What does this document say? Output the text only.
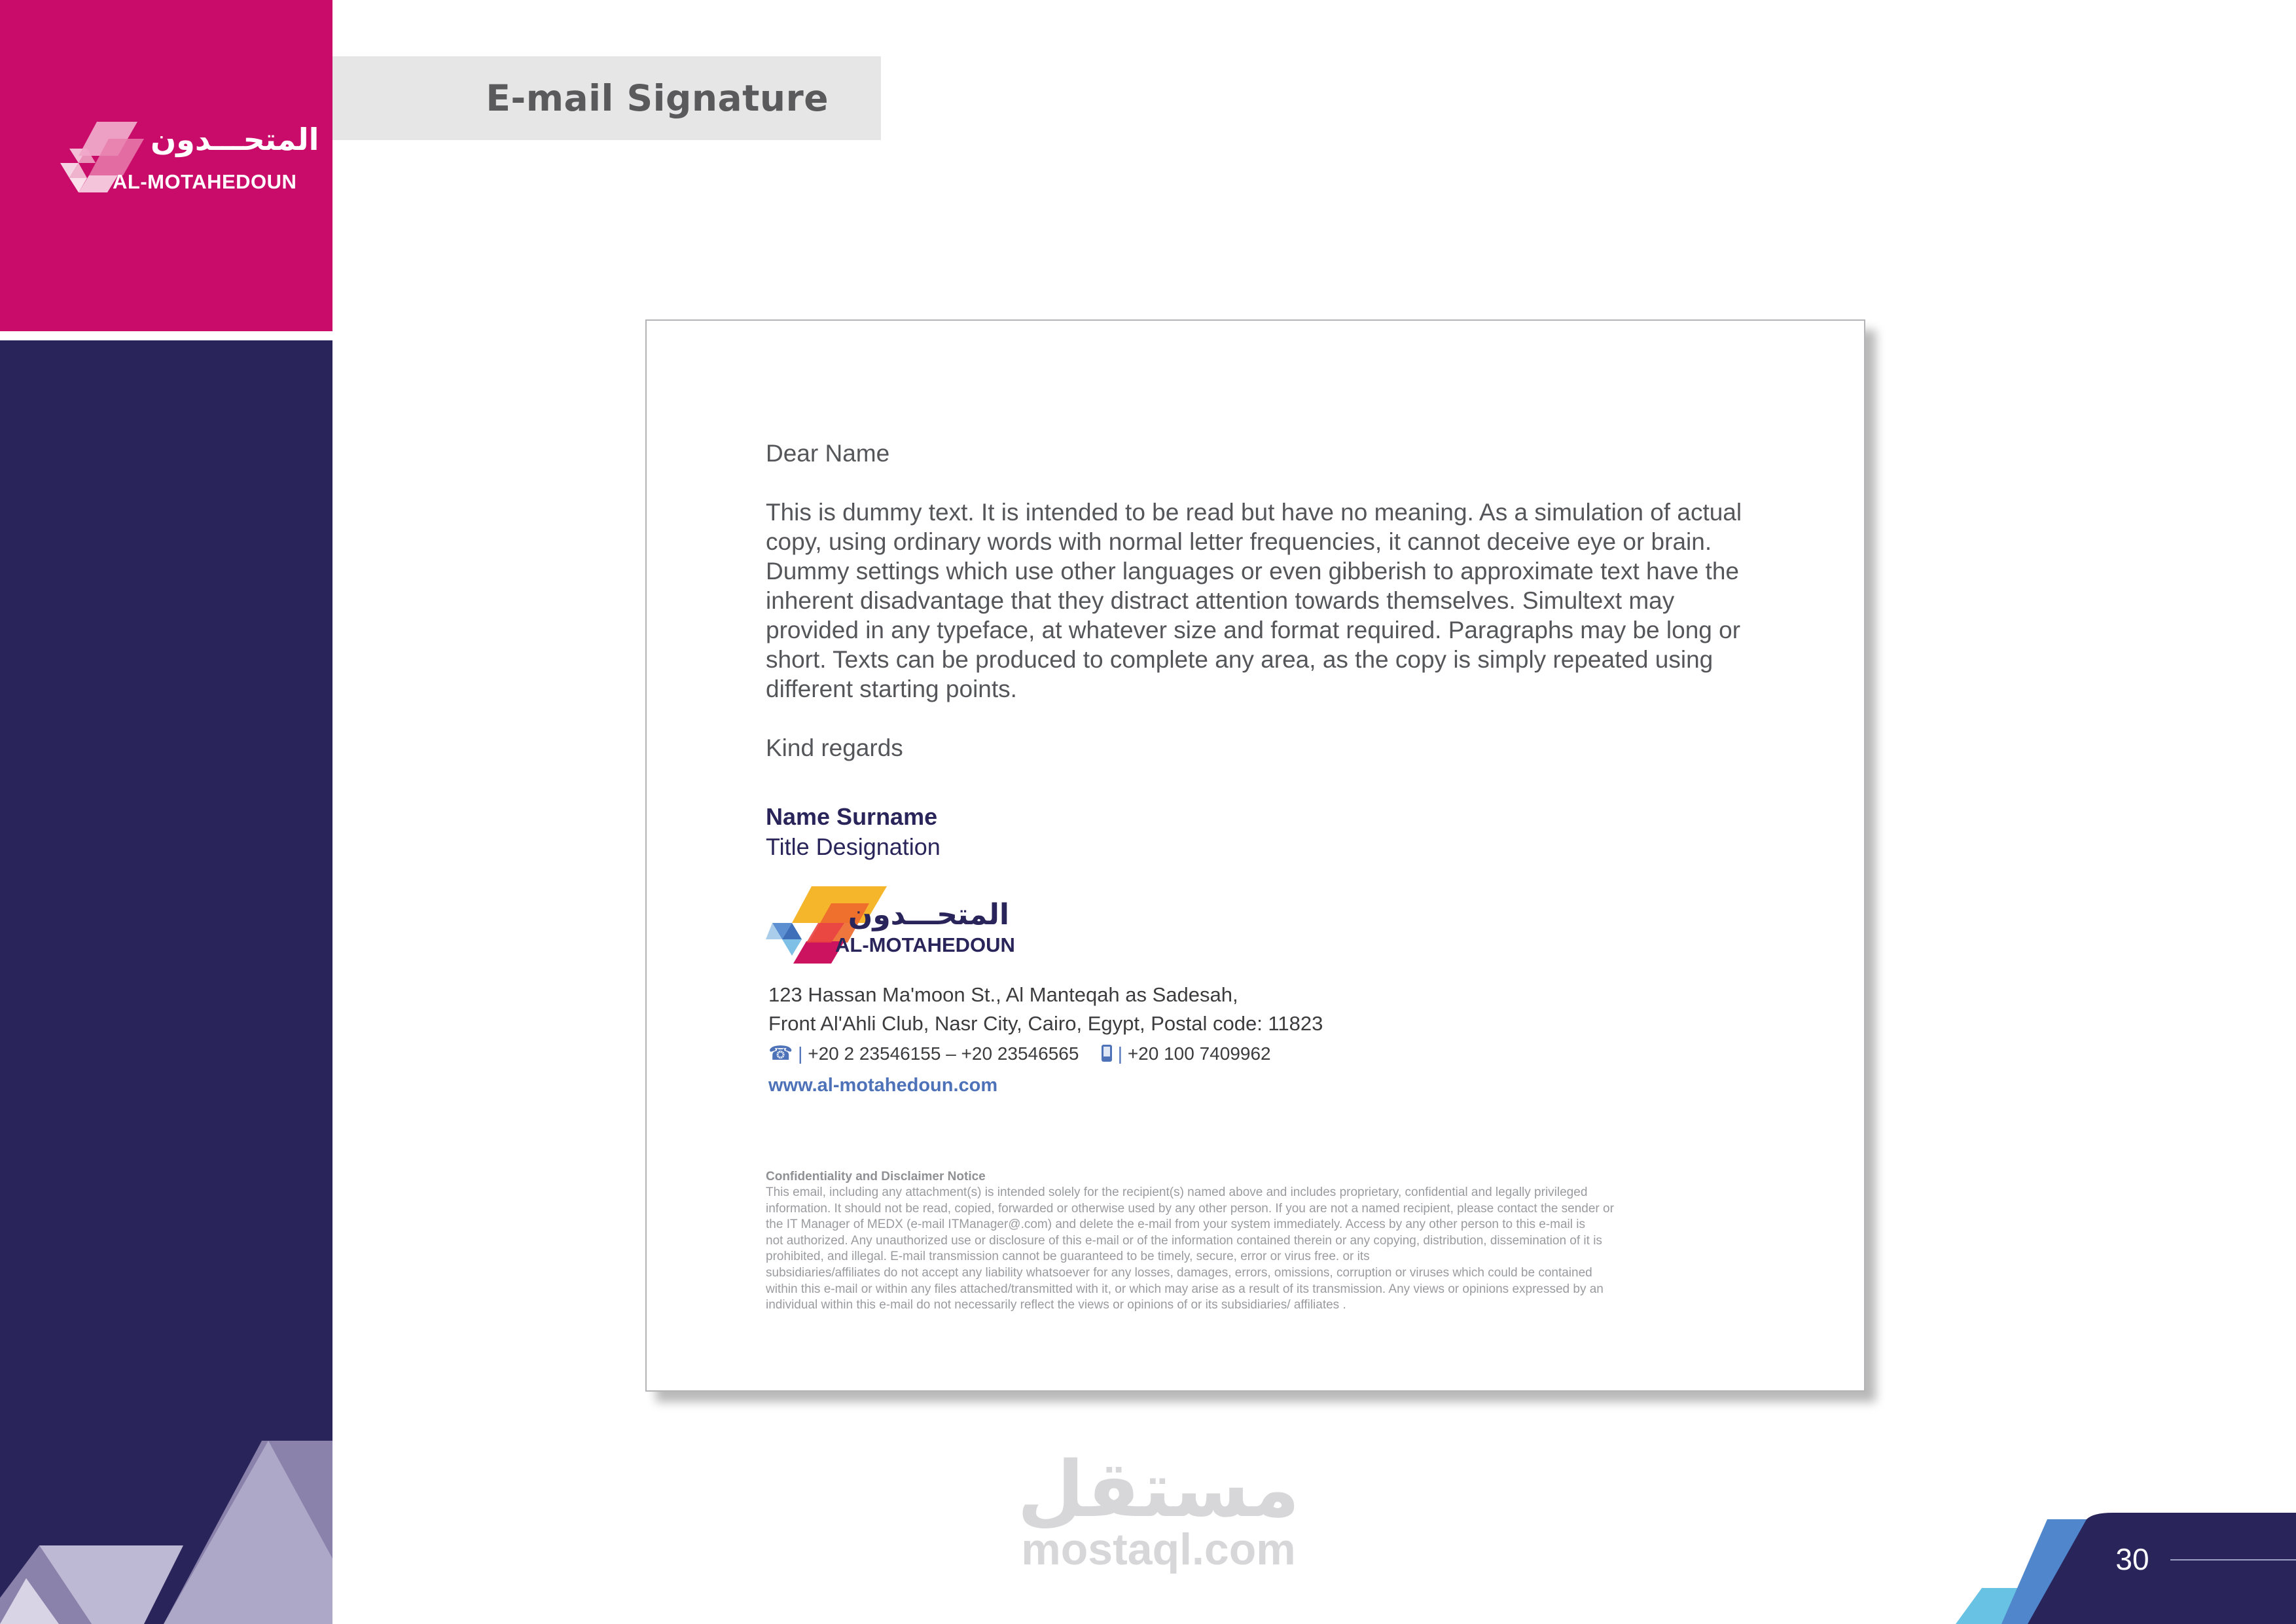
المتحـــدون
AL-MOTAHEDOUN
E-mail Signature
Dear Name
This is dummy text. It is intended to be read but have no meaning. As a simulation of actual copy, using ordinary words with normal letter frequencies, it cannot deceive eye or brain. Dummy settings which use other languages or even gibberish to approximate text have the inherent disadvantage that they distract attention towards themselves. Simultext may provided in any typeface, at whatever size and format required. Paragraphs may be long or short. Texts can be produced to complete any area, as the copy is simply repeated using different starting points.
Kind regards
Name Surname
Title Designation
المتحـــدون
AL-MOTAHEDOUN
123 Hassan Ma'moon St., Al Manteqah as Sadesah,
Front Al'Ahli Club, Nasr City, Cairo, Egypt, Postal code: 11823
☎ | +20 2 23546155 – +20 23546565   | +20 100 7409962
www.al-motahedoun.com
Confidentiality and Disclaimer Notice
This email, including any attachment(s) is intended solely for the recipient(s) named above and includes proprietary, confidential and legally privileged
information. It should not be read, copied, forwarded or otherwise used by any other person. If you are not a named recipient, please contact the sender or
the IT Manager of MEDX (e-mail ITManager@.com) and delete the e-mail from your system immediately. Access by any other person to this e-mail is
not authorized. Any unauthorized use or disclosure of this e-mail or of the information contained therein or any copying, distribution, dissemination of it is
prohibited, and illegal. E-mail transmission cannot be guaranteed to be timely, secure, error or virus free. or its
subsidiaries/affiliates do not accept any liability whatsoever for any losses, damages, errors, omissions, corruption or viruses which could be contained
within this e-mail or within any files attached/transmitted with it, or which may arise as a result of its transmission. Any views or opinions expressed by an
individual within this e-mail do not necessarily reflect the views or opinions of or its subsidiaries/ affiliates .
مستقل
mostaql.com	30
